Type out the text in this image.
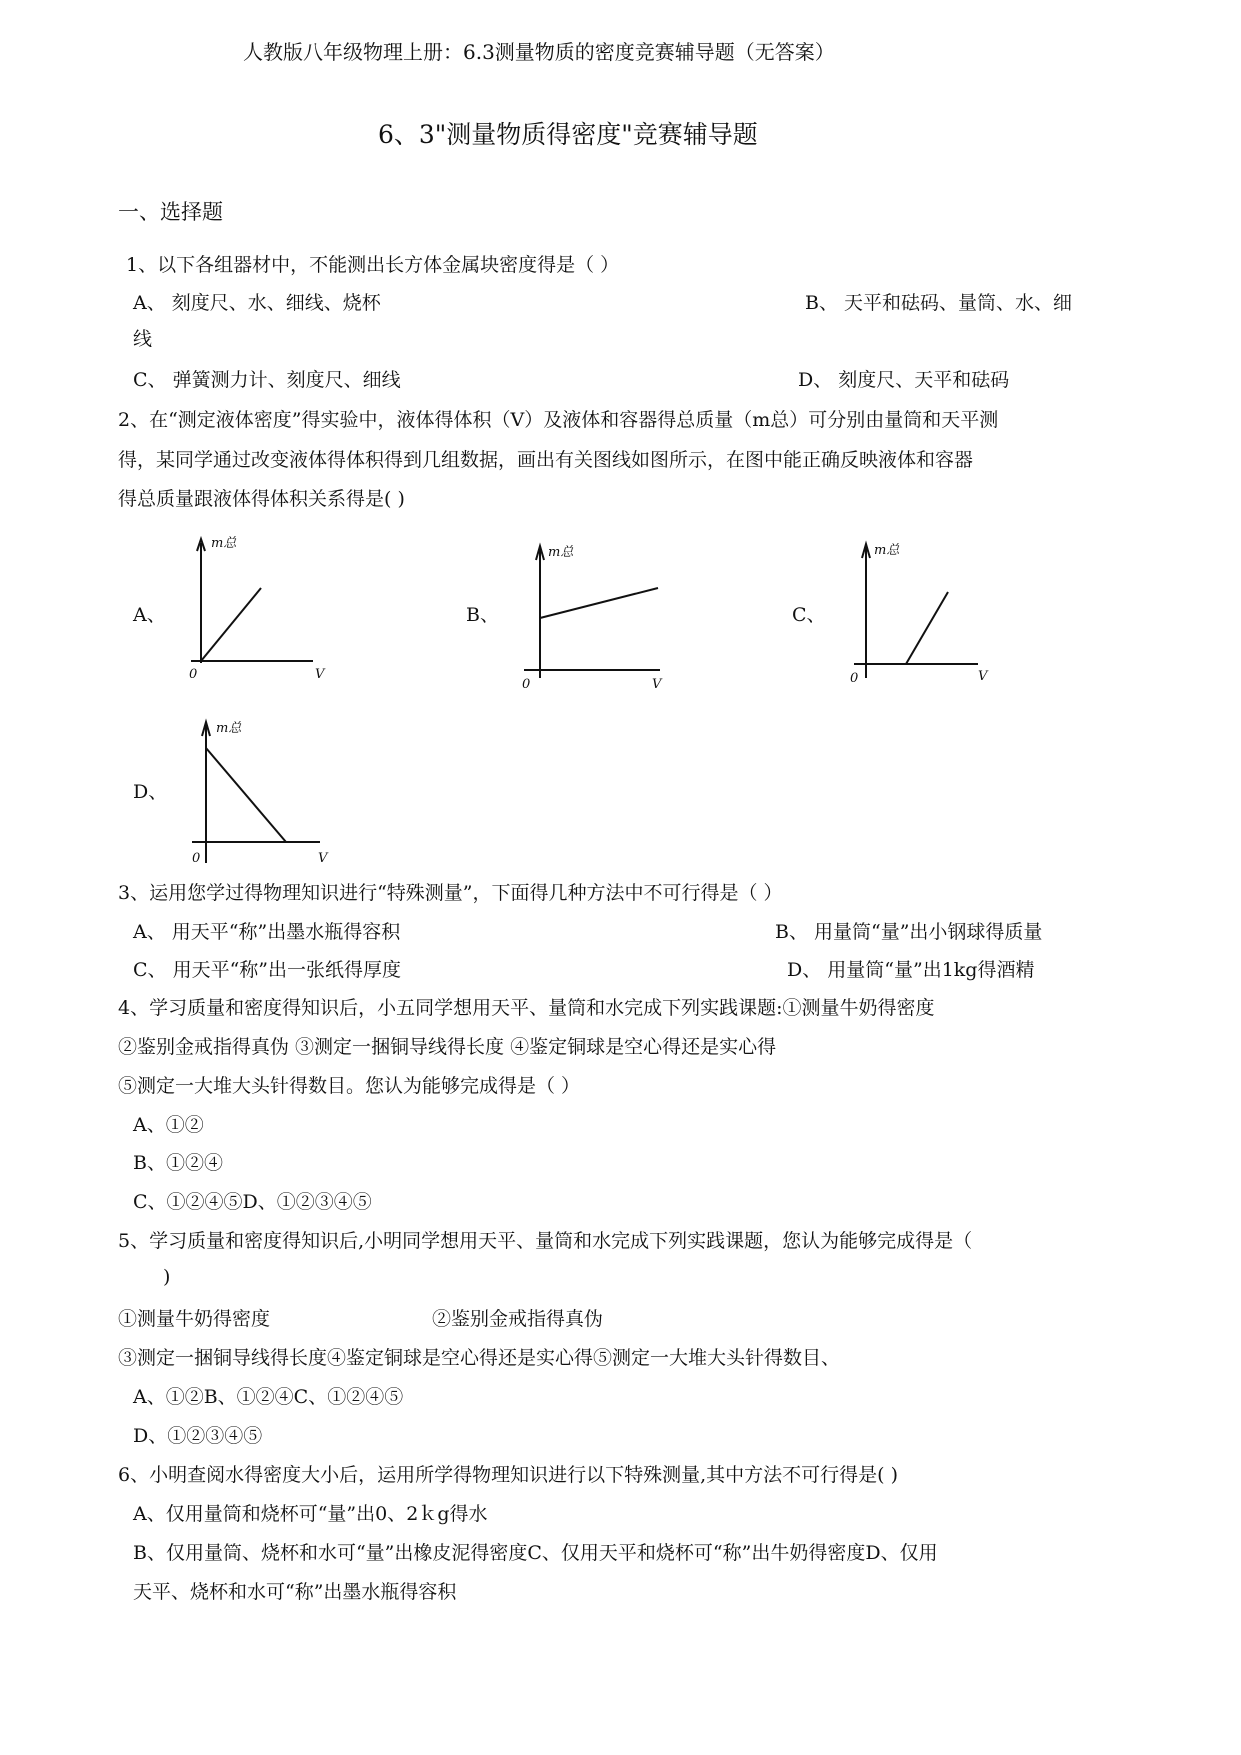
人教版八年级物理上册：6.3测量物质的密度竞赛辅导题（无答案）
6、3"测量物质得密度"竞赛辅导题
一、选择题
1、以下各组器材中，不能测出长方体金属块密度得是（ ）
A、 刻度尺、水、细线、烧杯	B、 天平和砝码、量筒、水、细
线
C、 弹簧测力计、刻度尺、细线	D、 刻度尺、天平和砝码
2、在“测定液体密度”得实验中，液体得体积（V）及液体和容器得总质量（m总）可分别由量筒和天平测
得，某同学通过改变液体得体积得到几组数据，画出有关图线如图所示，在图中能正确反映液体和容器
得总质量跟液体得体积关系得是( )
A、
m总
0	V
B、
m总
0	V
C、
m总
0	V
D、
m总
0	V
3、运用您学过得物理知识进行“特殊测量”，下面得几种方法中不可行得是（ ）
A、 用天平“称”出墨水瓶得容积	B、 用量筒“量”出小钢球得质量
C、 用天平“称”出一张纸得厚度	D、 用量筒“量”出1kg得酒精
4、学习质量和密度得知识后，小五同学想用天平、量筒和水完成下列实践课题:①测量牛奶得密度
②鉴别金戒指得真伪 ③测定一捆铜导线得长度 ④鉴定铜球是空心得还是实心得
⑤测定一大堆大头针得数目。您认为能够完成得是（ ）
A、①②
B、①②④
C、①②④⑤D、①②③④⑤
5、学习质量和密度得知识后,小明同学想用天平、量筒和水完成下列实践课题，您认为能够完成得是（
)
①测量牛奶得密度	②鉴别金戒指得真伪
③测定一捆铜导线得长度④鉴定铜球是空心得还是实心得⑤测定一大堆大头针得数目、
A、①②B、①②④C、①②④⑤
D、①②③④⑤
6、小明查阅水得密度大小后，运用所学得物理知识进行以下特殊测量,其中方法不可行得是( )
A、仅用量筒和烧杯可“量”出0、2ｋg得水
B、仅用量筒、烧杯和水可“量”出橡皮泥得密度C、仅用天平和烧杯可“称”出牛奶得密度D、仅用
天平、烧杯和水可“称”出墨水瓶得容积
